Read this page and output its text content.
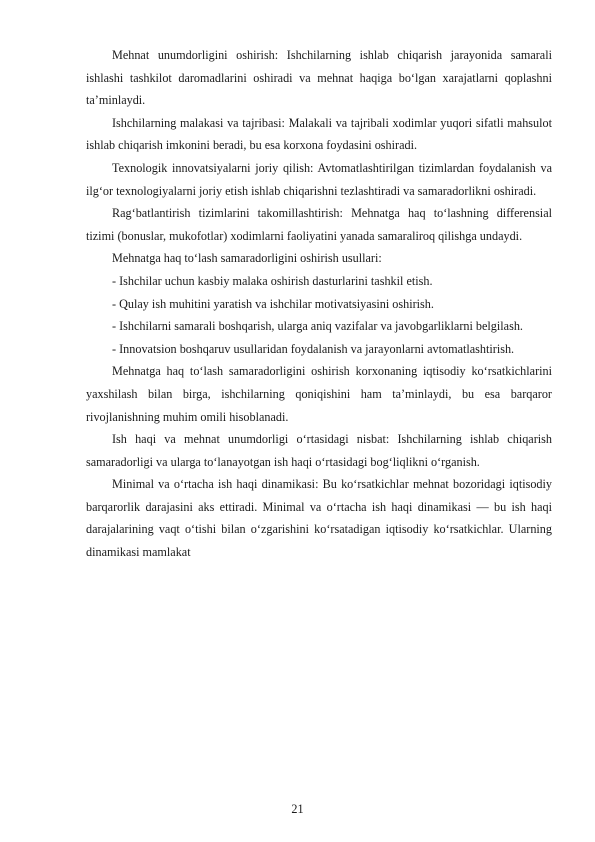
Mehnat unumdorligini oshirish: Ishchilarning ishlab chiqarish jarayonida samarali ishlashi tashkilot daromadlarini oshiradi va mehnat haqiga bo‘lgan xarajatlarni qoplashni ta’minlaydi.

Ishchilarning malakasi va tajribasi: Malakali va tajribali xodimlar yuqori sifatli mahsulot ishlab chiqarish imkonini beradi, bu esa korxona foydasini oshiradi.

Texnologik innovatsiyalarni joriy qilish: Avtomatlashtirilgan tizimlardan foydalanish va ilg‘or texnologiyalarni joriy etish ishlab chiqarishni tezlashtiradi va samaradorlikni oshiradi.

Rag‘batlantirish tizimlarini takomillashtirish: Mehnatga haq to‘lashning differensial tizimi (bonuslar, mukofotlar) xodimlarni faoliyatini yanada samaraliroq qilishga undaydi.

Mehnatga haq to‘lash samaradorligini oshirish usullari:

- Ishchilar uchun kasbiy malaka oshirish dasturlarini tashkil etish.

- Qulay ish muhitini yaratish va ishchilar motivatsiyasini oshirish.

- Ishchilarni samarali boshqarish, ularga aniq vazifalar va javobgarliklarni belgilash.

- Innovatsion boshqaruv usullaridan foydalanish va jarayonlarni avtomatlashtirish.

Mehnatga haq to‘lash samaradorligini oshirish korxonaning iqtisodiy ko‘rsatkichlarini yaxshilash bilan birga, ishchilarning qoniqishini ham ta’minlaydi, bu esa barqaror rivojlanishning muhim omili hisoblanadi.

Ish haqi va mehnat unumdorligi o‘rtasidagi nisbat: Ishchilarning ishlab chiqarish samaradorligi va ularga to‘lanayotgan ish haqi o‘rtasidagi bog‘liqlikni o‘rganish.

Minimal va o‘rtacha ish haqi dinamikasi: Bu ko‘rsatkichlar mehnat bozoridagi iqtisodiy barqarorlik darajasini aks ettiradi. Minimal va o‘rtacha ish haqi dinamikasi — bu ish haqi darajalarining vaqt o‘tishi bilan o‘zgarishini ko‘rsatadigan iqtisodiy ko‘rsatkichlar. Ularning dinamikasi mamlakat

21
